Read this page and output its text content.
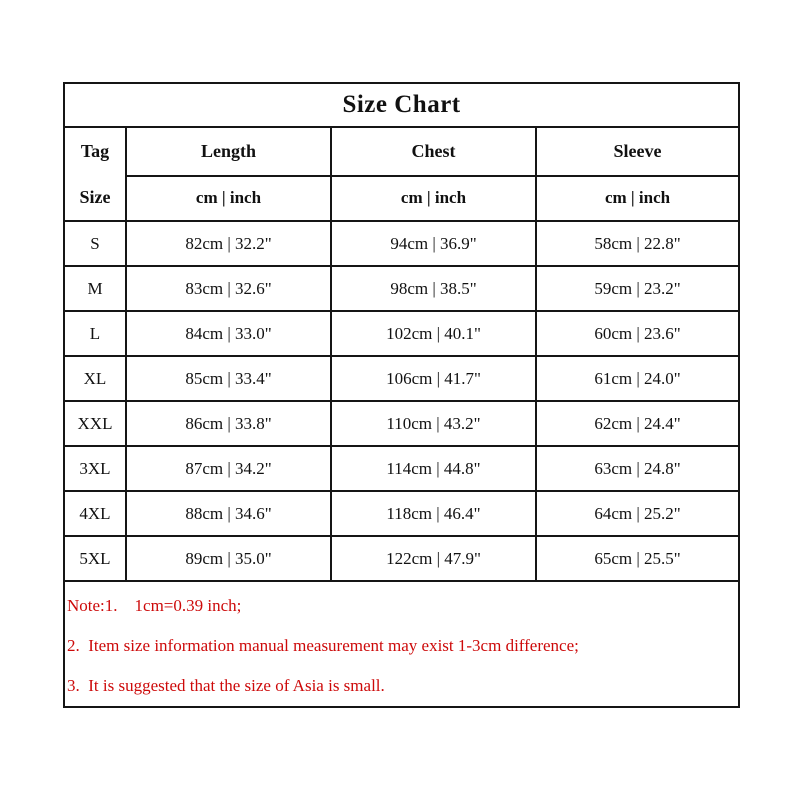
Size Chart			

Tag
Size	Length	Chest	Sleeve
	cm | inch	cm | inch	cm | inch
S	82cm | 32.2"	94cm | 36.9"	58cm | 22.8"
M	83cm | 32.6"	98cm | 38.5"	59cm | 23.2"
L	84cm | 33.0"	102cm | 40.1"	60cm | 23.6"
XL	85cm | 33.4"	106cm | 41.7"	61cm | 24.0"
XXL	86cm | 33.8"	110cm | 43.2"	62cm | 24.4"
3XL	87cm | 34.2"	114cm | 44.8"	63cm | 24.8"
4XL	88cm | 34.6"	118cm | 46.4"	64cm | 25.2"
5XL	89cm | 35.0"	122cm | 47.9"	65cm | 25.5"

Note:1.    1cm=0.39 inch;
2.  Item size information manual measurement may exist 1-3cm difference;
3.  It is suggested that the size of Asia is small.			
